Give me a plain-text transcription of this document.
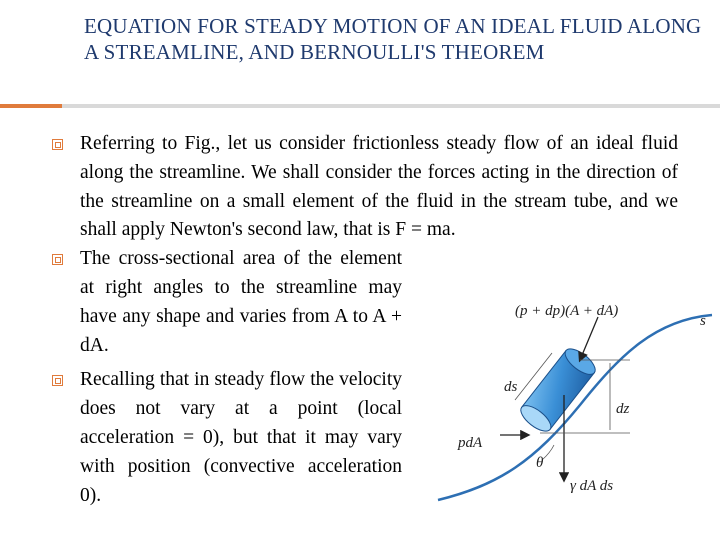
EQUATION FOR STEADY MOTION OF AN IDEAL FLUID ALONG A STREAMLINE, AND BERNOULLI'S THEOREM
Referring to Fig., let us consider frictionless steady flow of an ideal fluid along the streamline. We shall consider the forces acting in the direction of the streamline on a small element of the fluid in the stream tube, and we shall apply Newton's second law, that is F = ma.
The cross-sectional area of the element at right angles to the streamline may have any shape and varies from A to A + dA.
Recalling that in steady flow the velocity does not vary at a point (local acceleration = 0), but that it may vary with position (convective acceleration 0).
(p + dp)(A + dA)
s
ds
dz
pdA
θ
γ dA ds
